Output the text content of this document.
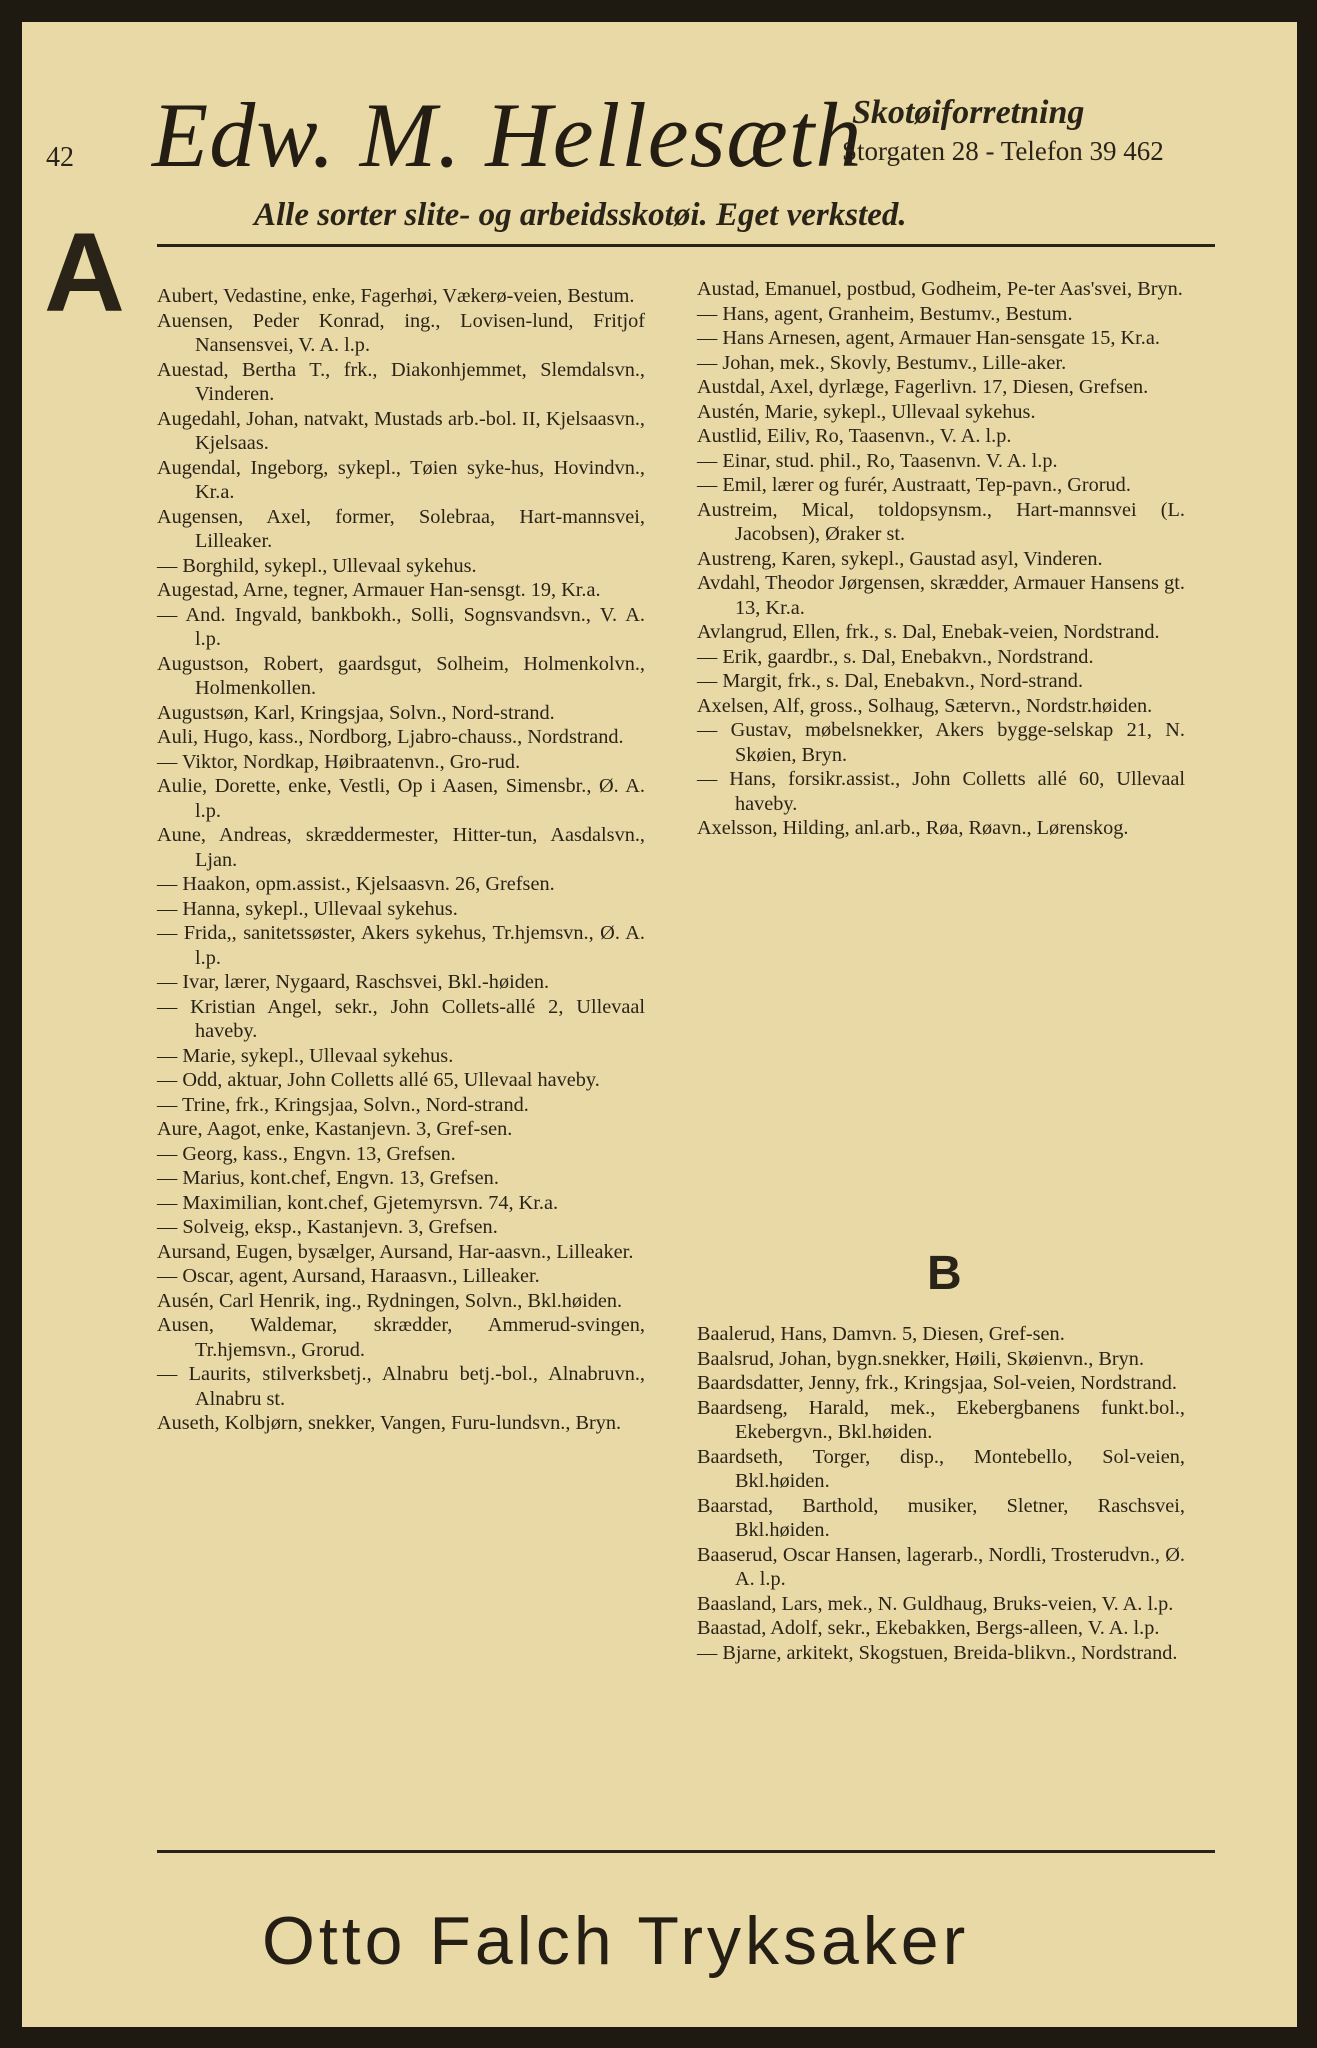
42 Edw. M. Hellesæth
Skotøiforretning
Storgaten 28 - Telefon 39 462
Alle sorter slite- og arbeidsskotøi. Eget verksted.
A Aubert, Vedastine, enke, Fagerhøi, Vækerø-veien, Bestum.

Auensen, Peder Konrad, ing., Lovisen-lund, Fritjof Nansensvei, V. A. l.p.

Auestad, Bertha T., frk., Diakonhjemmet, Slemdalsvn., Vinderen.

Augedahl, Johan, natvakt, Mustads arb.-bol. II, Kjelsaasvn., Kjelsaas.

Augendal, Ingeborg, sykepl., Tøien syke-hus, Hovindvn., Kr.a.

Augensen, Axel, former, Solebraa, Hart-mannsvei, Lilleaker.

— Borghild, sykepl., Ullevaal sykehus.

Augestad, Arne, tegner, Armauer Han-sensgt. 19, Kr.a.

— And. Ingvald, bankbokh., Solli, Sognsvandsvn., V. A. l.p.

Augustson, Robert, gaardsgut, Solheim, Holmenkolvn., Holmenkollen.

Augustsøn, Karl, Kringsjaa, Solvn., Nord-strand.

Auli, Hugo, kass., Nordborg, Ljabro-chauss., Nordstrand.

— Viktor, Nordkap, Høibraatenvn., Gro-rud.

Aulie, Dorette, enke, Vestli, Op i Aasen, Simensbr., Ø. A. l.p.

Aune, Andreas, skræddermester, Hitter-tun, Aasdalsvn., Ljan.

— Haakon, opm.assist., Kjelsaasvn. 26, Grefsen.

— Hanna, sykepl., Ullevaal sykehus.

— Frida,, sanitetssøster, Akers sykehus, Tr.hjemsvn., Ø. A. l.p.

— Ivar, lærer, Nygaard, Raschsvei, Bkl.-høiden.

— Kristian Angel, sekr., John Collets-allé 2, Ullevaal haveby.

— Marie, sykepl., Ullevaal sykehus.

— Odd, aktuar, John Colletts allé 65, Ullevaal haveby.

— Trine, frk., Kringsjaa, Solvn., Nord-strand.

Aure, Aagot, enke, Kastanjevn. 3, Gref-sen.

— Georg, kass., Engvn. 13, Grefsen.

— Marius, kont.chef, Engvn. 13, Grefsen.

— Maximilian, kont.chef, Gjetemyrsvn. 74, Kr.a.

— Solveig, eksp., Kastanjevn. 3, Grefsen.

Aursand, Eugen, bysælger, Aursand, Har-aasvn., Lilleaker.

— Oscar, agent, Aursand, Haraasvn., Lilleaker.

Ausén, Carl Henrik, ing., Rydningen, Solvn., Bkl.høiden.

Ausen, Waldemar, skrædder, Ammerud-svingen, Tr.hjemsvn., Grorud.

— Laurits, stilverksbetj., Alnabru betj.-bol., Alnabruvn., Alnabru st.

Auseth, Kolbjørn, snekker, Vangen, Furu-lundsvn., Bryn.

Austad, Emanuel, postbud, Godheim, Pe-ter Aas'svei, Bryn.

— Hans, agent, Granheim, Bestumv., Bestum.

— Hans Arnesen, agent, Armauer Han-sensgate 15, Kr.a.

— Johan, mek., Skovly, Bestumv., Lille-aker.

Austdal, Axel, dyrlæge, Fagerlivn. 17, Diesen, Grefsen.

Austén, Marie, sykepl., Ullevaal sykehus.

Austlid, Eiliv, Ro, Taasenvn., V. A. l.p.

— Einar, stud. phil., Ro, Taasenvn. V. A. l.p.

— Emil, lærer og furér, Austraatt, Tep-pavn., Grorud.

Austreim, Mical, toldopsynsm., Hart-mannsvei (L. Jacobsen), Øraker st.

Austreng, Karen, sykepl., Gaustad asyl, Vinderen.

Avdahl, Theodor Jørgensen, skrædder, Armauer Hansens gt. 13, Kr.a.

Avlangrud, Ellen, frk., s. Dal, Enebak-veien, Nordstrand.

— Erik, gaardbr., s. Dal, Enebakvn., Nordstrand.

— Margit, frk., s. Dal, Enebakvn., Nord-strand.

Axelsen, Alf, gross., Solhaug, Sætervn., Nordstr.høiden.

— Gustav, møbelsnekker, Akers bygge-selskap 21, N. Skøien, Bryn.

— Hans, forsikr.assist., John Colletts allé 60, Ullevaal haveby.

Axelsson, Hilding, anl.arb., Røa, Røavn., Lørenskog.

B

Baalerud, Hans, Damvn. 5, Diesen, Gref-sen.

Baalsrud, Johan, bygn.snekker, Høili, Skøienvn., Bryn.

Baardsdatter, Jenny, frk., Kringsjaa, Sol-veien, Nordstrand.

Baardseng, Harald, mek., Ekebergbanens funkt.bol., Ekebergvn., Bkl.høiden.

Baardseth, Torger, disp., Montebello, Sol-veien, Bkl.høiden.

Baarstad, Barthold, musiker, Sletner, Raschsvei, Bkl.høiden.

Baaserud, Oscar Hansen, lagerarb., Nordli, Trosterudvn., Ø. A. l.p.

Baasland, Lars, mek., N. Guldhaug, Bruks-veien, V. A. l.p.

Baastad, Adolf, sekr., Ekebakken, Bergs-alleen, V. A. l.p.

— Bjarne, arkitekt, Skogstuen, Breida-blikvn., Nordstrand.

Otto Falch Tryksaker
